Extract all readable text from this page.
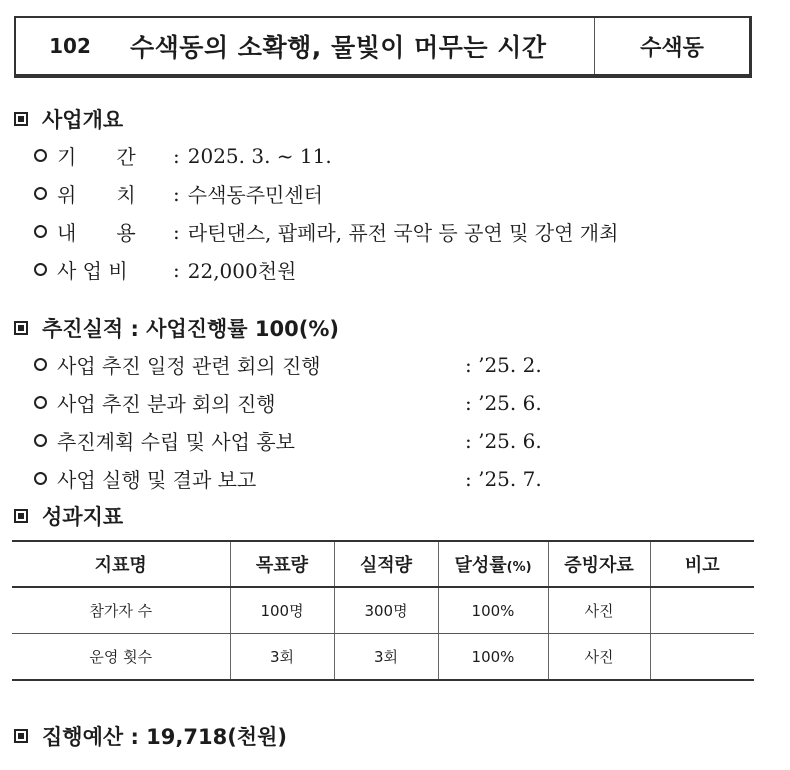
102	수색동의 소확행, 물빛이 머무는 시간	수색동
사업개요
기　　간	: 2025. 3. ~ 11.
위　　치	: 수색동주민센터
내　　용	: 라틴댄스, 팝페라, 퓨전 국악 등 공연 및 강연 개최
사 업 비	: 22,000천원
추진실적 : 사업진행률 100(%)
사업 추진 일정 관련 회의 진행	: ’25. 2.
사업 추진 분과 회의 진행	: ’25. 6.
추진계획 수립 및 사업 홍보	: ’25. 6.
사업 실행 및 결과 보고	: ’25. 7.
성과지표
지표명	목표량	실적량	달성률(%)	증빙자료	비고
참가자 수	100명	300명	100%	사진	
운영 횟수	3회	3회	100%	사진	
집행예산 : 19,718(천원)
